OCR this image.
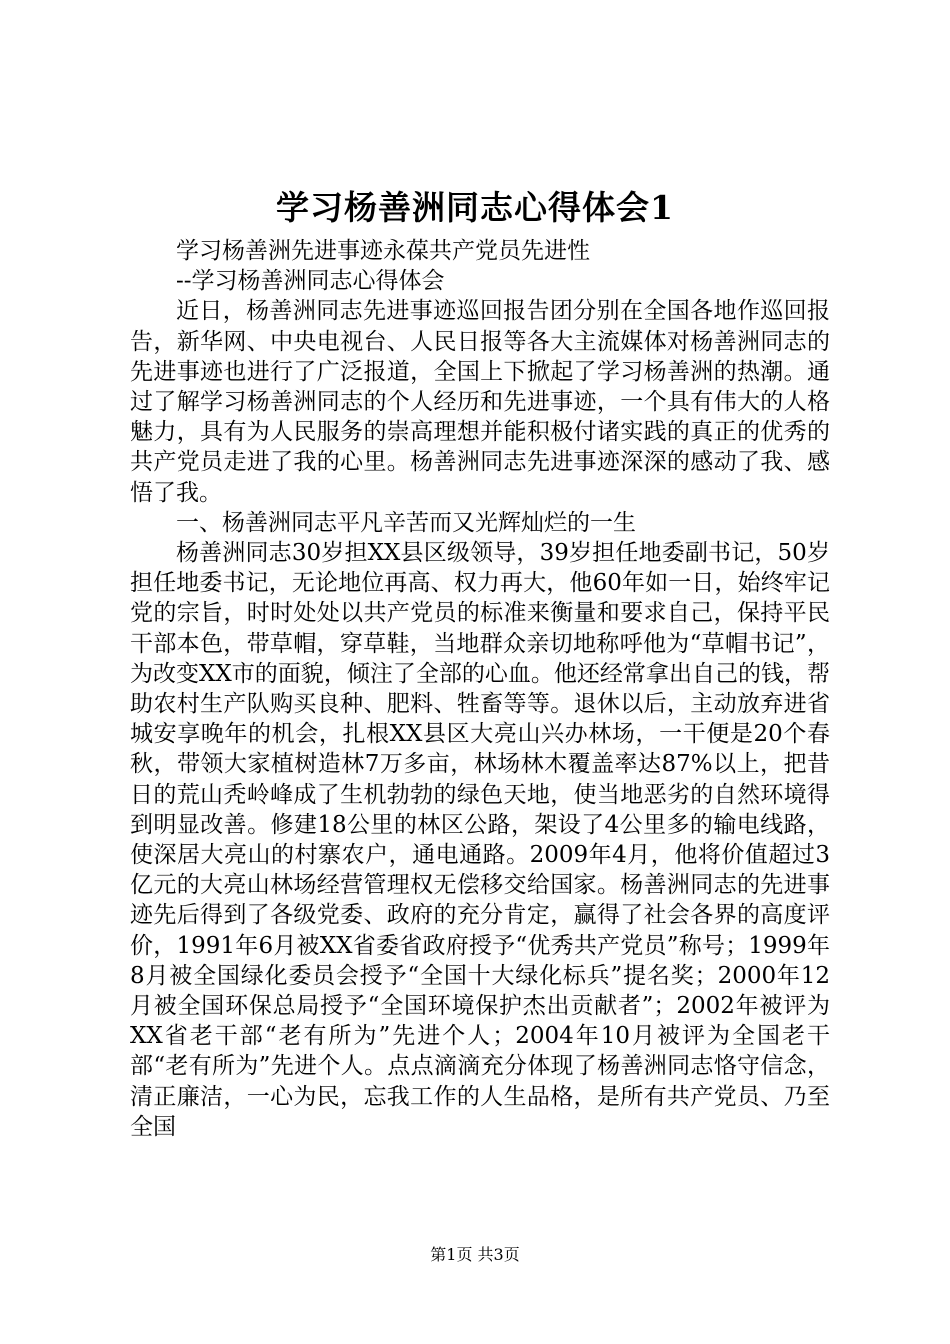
学习杨善洲同志心得体会1

学习杨善洲先进事迹永葆共产党员先进性

--学习杨善洲同志心得体会

近日，杨善洲同志先进事迹巡回报告团分别在全国各地作巡回报告，新华网、中央电视台、人民日报等各大主流媒体对杨善洲同志的先进事迹也进行了广泛报道，全国上下掀起了学习杨善洲的热潮。通过了解学习杨善洲同志的个人经历和先进事迹，一个具有伟大的人格魅力，具有为人民服务的崇高理想并能积极付诸实践的真正的优秀的共产党员走进了我的心里。杨善洲同志先进事迹深深的感动了我、感悟了我。

一、杨善洲同志平凡辛苦而又光辉灿烂的一生

杨善洲同志30岁担XX县区级领导，39岁担任地委副书记，50岁担任地委书记，无论地位再高、权力再大，他60年如一日，始终牢记党的宗旨，时时处处以共产党员的标准来衡量和要求自己，保持平民干部本色，带草帽，穿草鞋，当地群众亲切地称呼他为“草帽书记”，为改变XX市的面貌，倾注了全部的心血。他还经常拿出自己的钱，帮助农村生产队购买良种、肥料、牲畜等等。退休以后，主动放弃进省城安享晚年的机会，扎根XX县区大亮山兴办林场，一干便是20个春秋，带领大家植树造林7万多亩，林场林木覆盖率达87%以上，把昔日的荒山秃岭峰成了生机勃勃的绿色天地，使当地恶劣的自然环境得到明显改善。修建18公里的林区公路，架设了4公里多的输电线路，使深居大亮山的村寨农户，通电通路。2009年4月，他将价值超过3亿元的大亮山林场经营管理权无偿移交给国家。杨善洲同志的先进事迹先后得到了各级党委、政府的充分肯定，赢得了社会各界的高度评价，1991年6月被XX省委省政府授予“优秀共产党员”称号；1999年8月被全国绿化委员会授予“全国十大绿化标兵”提名奖；2000年12月被全国环保总局授予“全国环境保护杰出贡献者”；2002年被评为XX省老干部“老有所为”先进个人；2004年10月被评为全国老干部“老有所为”先进个人。点点滴滴充分体现了杨善洲同志恪守信念，清正廉洁，一心为民，忘我工作的人生品格，是所有共产党员、乃至全国

第1页 共3页
